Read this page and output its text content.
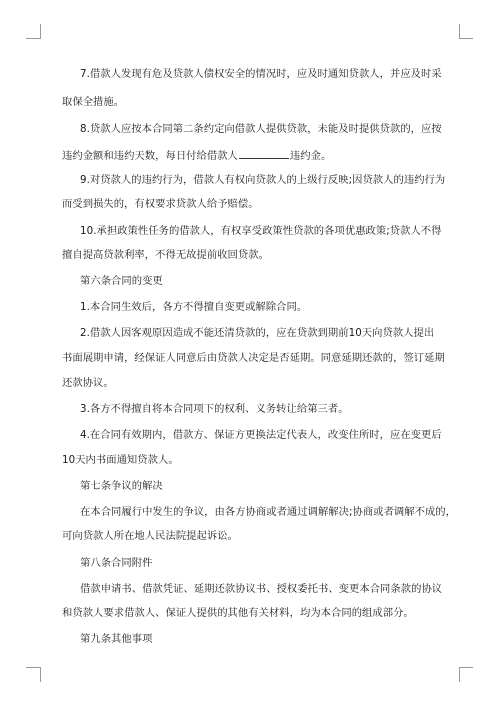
7.借款人发现有危及贷款人债权安全的情况时，应及时通知贷款人，并应及时采
取保全措施。
8.贷款人应按本合同第二条约定向借款人提供贷款，未能及时提供贷款的，应按
违约金额和违约天数，每日付给借款人	违约金。
9.对贷款人的违约行为，借款人有权向贷款人的上级行反映;因贷款人的违约行为
而受到损失的，有权要求贷款人给予赔偿。
10.承担政策性任务的借款人，有权享受政策性贷款的各项优惠政策;贷款人不得
擅自提高贷款利率，不得无故提前收回贷款。
第六条合同的变更
1.本合同生效后，各方不得擅自变更或解除合同。
2.借款人因客观原因造成不能还清贷款的，应在贷款到期前10天向贷款人提出
书面展期申请，经保证人同意后由贷款人决定是否延期。同意延期还款的，签订延期
还款协议。
3.各方不得擅自将本合同项下的权利、义务转让给第三者。
4.在合同有效期内，借款方、保证方更换法定代表人，改变住所时，应在变更后
10天内书面通知贷款人。
第七条争议的解决
在本合同履行中发生的争议，由各方协商或者通过调解解决;协商或者调解不成的，
可向贷款人所在地人民法院提起诉讼。
第八条合同附件
借款申请书、借款凭证、延期还款协议书、授权委托书、变更本合同条款的协议
和贷款人要求借款人、保证人提供的其他有关材料，均为本合同的组成部分。
第九条其他事项
